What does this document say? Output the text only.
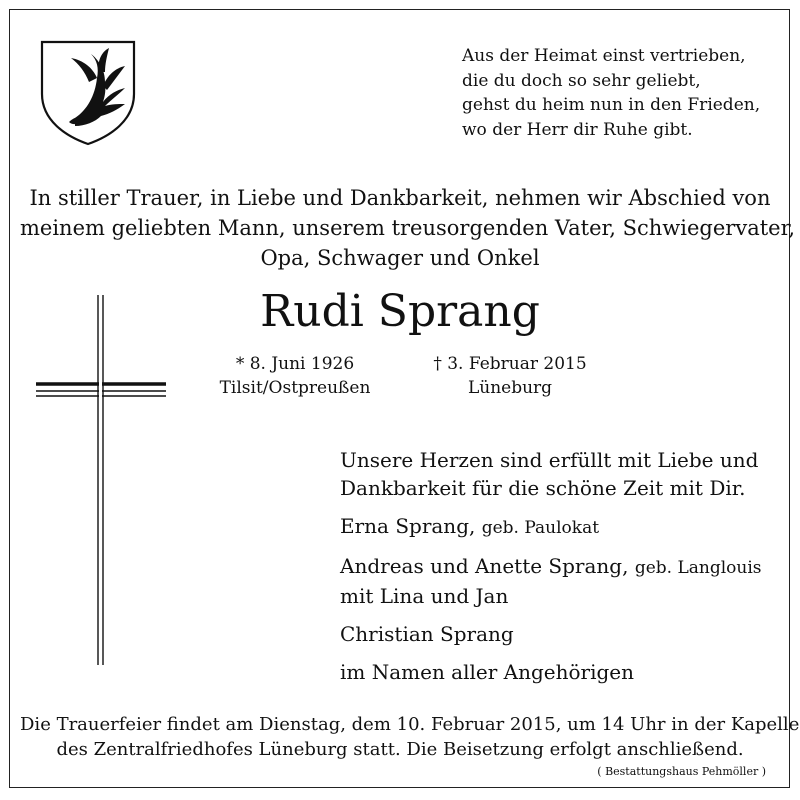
Aus der Heimat einst vertrieben,
die du doch so sehr geliebt,
gehst du heim nun in den Frieden,
wo der Herr dir Ruhe gibt.
In stiller Trauer, in Liebe und Dankbarkeit, nehmen wir Abschied von
meinem geliebten Mann, unserem treusorgenden Vater, Schwiegervater,
Opa, Schwager und Onkel
Rudi Sprang
* 8. Juni 1926
Tilsit/Ostpreußen
† 3. Februar 2015
Lüneburg
Unsere Herzen sind erfüllt mit Liebe und
Dankbarkeit für die schöne Zeit mit Dir.
Erna Sprang, geb. Paulokat
Andreas und Anette Sprang, geb. Langlouis
mit Lina und Jan
Christian Sprang
im Namen aller Angehörigen
Die Trauerfeier findet am Dienstag, dem 10. Februar 2015, um 14 Uhr in der Kapelle
des Zentralfriedhofes Lüneburg statt. Die Beisetzung erfolgt anschließend.
( Bestattungshaus Pehmöller )
